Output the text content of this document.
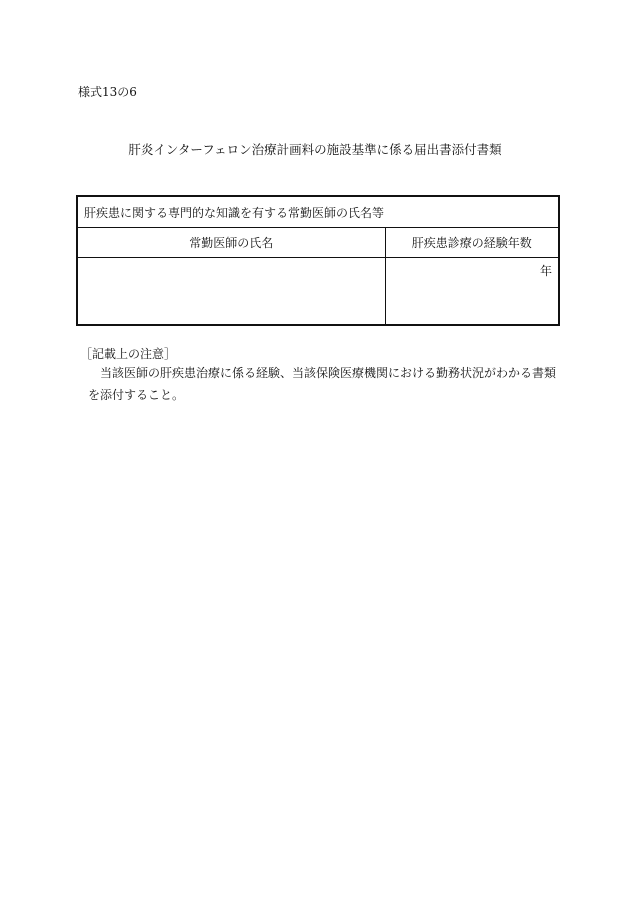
様式13の6
肝炎インターフェロン治療計画料の施設基準に係る届出書添付書類
肝疾患に関する専門的な知識を有する常勤医師の氏名等	
常勤医師の氏名	肝疾患診療の経験年数

	年
［記載上の注意］
当該医師の肝疾患治療に係る経験、当該保険医療機関における勤務状況がわかる書類を添付すること。
